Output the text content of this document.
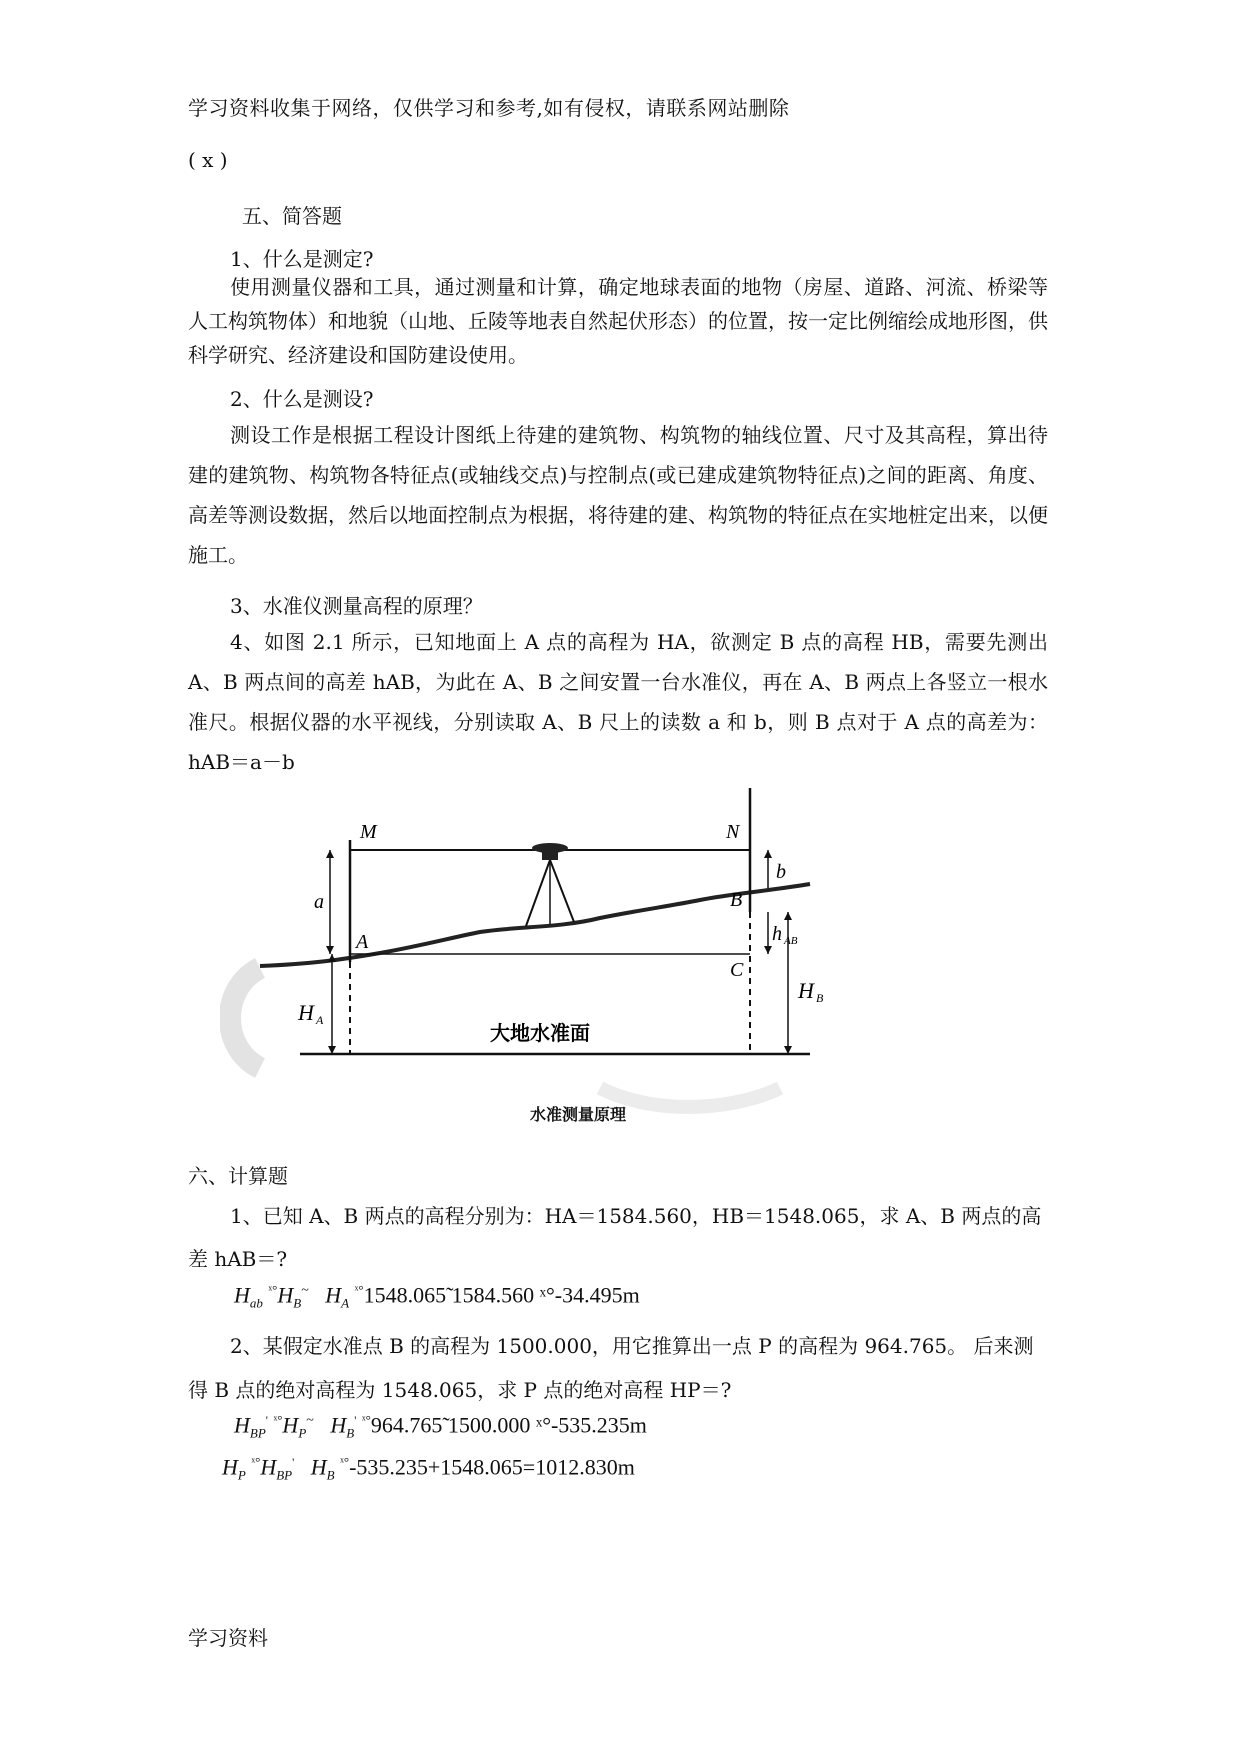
学习资料收集于网络，仅供学习和参考,如有侵权，请联系网站删除
( x )
五、简答题
1、什么是测定?
使用测量仪器和工具，通过测量和计算，确定地球表面的地物（房屋、道路、河流、桥梁等人工构筑物体）和地貌（山地、丘陵等地表自然起伏形态）的位置，按一定比例缩绘成地形图，供科学研究、经济建设和国防建设使用。
2、什么是测设?
测设工作是根据工程设计图纸上待建的建筑物、构筑物的轴线位置、尺寸及其高程，算出待建的建筑物、构筑物各特征点(或轴线交点)与控制点(或已建成建筑物特征点)之间的距离、角度、高差等测设数据，然后以地面控制点为根据，将待建的建、构筑物的特征点在实地桩定出来，以便施工。
3、水准仪测量高程的原理？
4、如图 2.1 所示，已知地面上 A 点的高程为 HA，欲测定 B 点的高程 HB，需要先测出 A、B 两点间的高差 hAB，为此在 A、B 之间安置一台水准仪，再在 A、B 两点上各竖立一根水准尺。根据仪器的水平视线，分别读取 A、B 尺上的读数 a 和 b，则 B 点对于 A 点的高差为： hAB＝a－b
M	N
a
b
A
B
C
h AB
H A
H B
大地水准面
水准测量原理
六、计算题
1、已知 A、B 两点的高程分别为：HA＝1584.560，HB＝1548.065，求 A、B 两点的高
差 hAB＝?
$H_{ab}$ $^{ˣ^\circ}H_B^\sim$ $H_A$ $^{ˣ^\circ}$1548.065̃ 1584.560 ˣ°-34.495m
2、某假定水准点 B 的高程为 1500.000，用它推算出一点 P 的高程为 964.765。 后来测
得 B 点的绝对高程为 1548.065，求 P 点的绝对高程 HP＝?
$H_{BP}'$ $^{ˣ^\circ}H_P^\sim$ $H_B'$ $^{ˣ^\circ}$964.765̃ 1500.000 ˣ°-535.235m
$H_P$ $^{ˣ^\circ}H_{BP}'$ $H_B$ $^{ˣ^\circ}$-535.235+1548.065=1012.830m
学习资料
